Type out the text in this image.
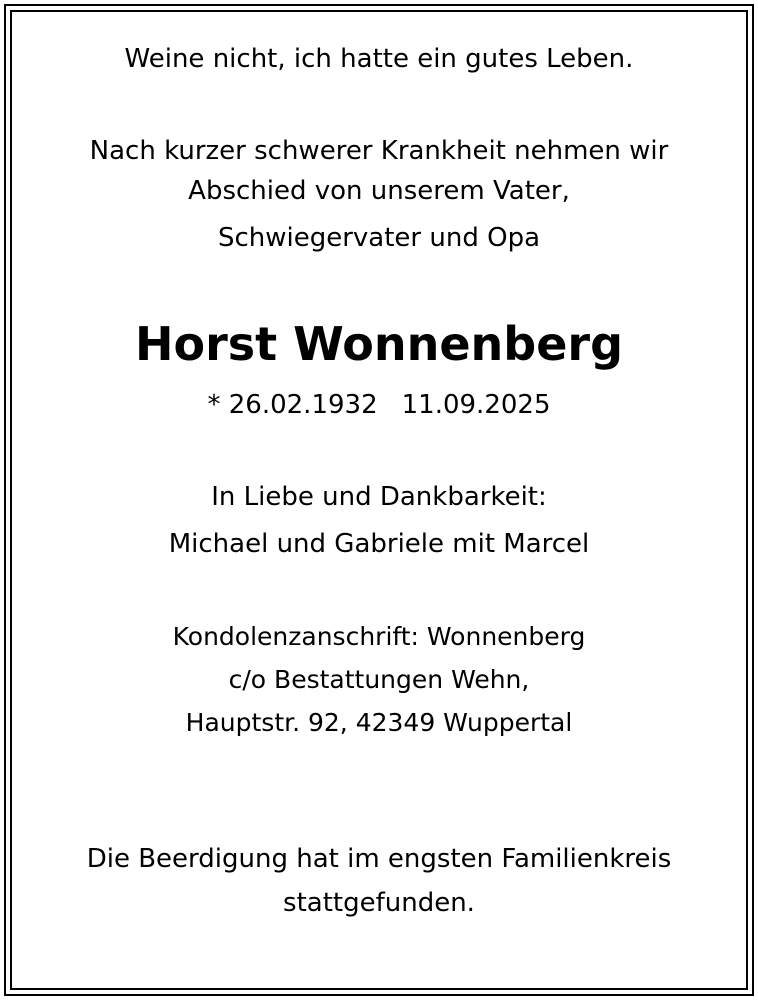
Weine nicht, ich hatte ein gutes Leben.
Nach kurzer schwerer Krankheit nehmen wir
Abschied von unserem Vater,
Schwiegervater und Opa
Horst Wonnenberg
* 26.02.1932 11.09.2025
In Liebe und Dankbarkeit:
Michael und Gabriele mit Marcel
Kondolenzanschrift: Wonnenberg
c/o Bestattungen Wehn,
Hauptstr. 92, 42349 Wuppertal
Die Beerdigung hat im engsten Familienkreis
stattgefunden.
